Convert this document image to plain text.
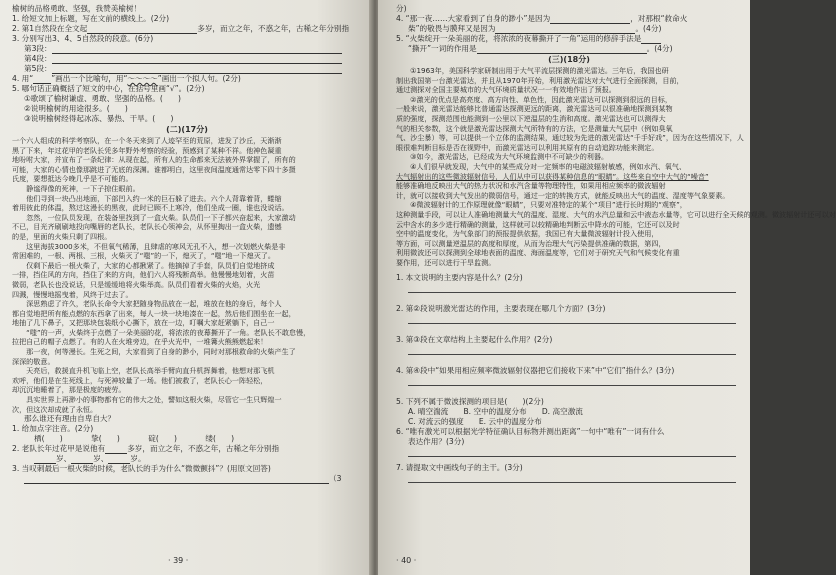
榆树的品格勇敢、坚强，我赞美榆树！
1. 给短文加上标题，写在文前的横线上。(2分)
2. 第1自然段在全文起	多岁，而立之年，不惑之年，古稀之年分别指
3. 分别写出3、4、5自然段的段意。(6分)
第3段：
第4段：
第5段：
4. 用“ ”画出一个比喻句，用“～～～～”画出一个拟人句。(2分)
5. 哪句话正确概括了短文的中心，在括号里画“√”。(2分)
①歌颂了榆树谦虚、勇敢、坚强的品格。(　　)
②说明榆树的用途很多。(　　)
③说明榆树经得起冰冻、暴热、干旱。(　　)
(二)(17分)
一个六人组成的科学考察队，在一个冬天来到了人迹罕至的荒原，进发了沙丘，天渐渐
黑了下来，年过花甲的老队长凭多年野外考察的经验，预感到了某种不祥。他神色凝重
地吩咐大家，并宣布了一条纪律：从现在起，所有人的生命都来无法被外界掌握了，所有的
可能，大家的心情也像那跳进了无底的深渊。谁都明白，这里夜间温度通常达零下四十多摄
氏度，要想抵达今晚几乎是不可能的。
　　静谧得像的死神，一下子掠住眼前。
　　他们寻到一块凸出地面，下部凹入约一米的巨石躲了进去。六个人背靠着背，蜷缩
着用彼此的体温，熬过这漫长的黑夜，此时已顾不上寒冷，他们坐成一圈，谁也没说话。
　　忽然，一位队员发现，在装备里找到了一盒火柴。队员们一下子都兴奋起来，大家激动
不已，目光齐刷刷地投向嘴唇的老队长，老队长心领神会，从怀里掏出一盒火柴，遗憾
的是，里面的火柴只剩了四根。
　　这里海拔3000多米，不但氧气稀薄，且肆虐的寒风无孔不入，想一次划燃火柴是非
常困难的，一根、两根、三根，火柴灭了“嗤”的一下，熄灭了，“嗤”地一下熄灭了。
　　仅剩下最后一根火柴了，大家的心都揪紧了。他摘掉了手套，队员们自觉地挤成
一排，挡住风的方向，挡住了来的方向，他们六人将残断高举。他慢慢地划着，火苗
微弱，老队长也没说话，只是缓缓地将火柴举高。队员们看着火柴的火焰，火光
四溅，慢慢地摇曳着，风终于过去了。
　　深思熟虑了许久，老队长命令大家把随身物品放在一起，堆放在他的身后，每个人
都自觉地把所有能点燃的东西拿了出来，每人一块一块地凑在一起，然后他们围坐在一起，
地抽了几下鼻子，又把那块包装纸小心撕下，放在一边，叮嘱大家赶紧躺下，自己一
　　“嗤”的一声，火柴终于点燃了一朵美丽的花，将浓浓的夜幕撕开了一角。老队长不敢怠慢，
拉把自己的帽子点燃了。有的人在火堆旁边，在乎火光中，一堆篝火熊熊燃起来！
　　那一夜，何等漫长。生死之间，大家看到了自身的渺小，同时对那根救命的火柴产生了
深深的敬意。
　　天亮后，救援直升机飞临上空，老队长高举手臂向直升机挥舞着，他想对那飞机
欢呼，他们是在生死线上，与死神较量了一场。他们被救了，老队长心一阵轻松，
却沉沉地睡着了，那是极度的疲劳。
　　具实世界上再渺小的事物都有它的伟大之处，譬如这根火柴，尽管它一生只辉煌一
次，但这次却成就了永恒。
那么谁还有理由自卑自大？
1. 给加点字注音。(2分)
栖(　　)	挚(　　)	碇(　　)	缕(　　)
2. 老队长年过花甲是说他有	多岁，而立之年，不惑之年，古稀之年分别指
岁、	岁、	岁。
3. 当叹刺最后一根火柴的时候，老队长的手为什么“微微颤抖”？(用原文回答)
（3
· 39 ·
分)
4. “那一夜……大家看到了自身的渺小”是因为	，对那根“救命火
柴”的敬畏与膜拜又是因为	。(4分)
5. “火柴绽开一朵美丽的花，将浓浓的夜幕撕开了一角”运用的修辞手法是
“撕开”一词的作用是	。(4分)
(三)(18分)
　　①1963年，美国科学家研制出用于大气平流层探测的激光雷达。三年后，我国也研
制出我国第一台激光雷达，并且从1970年开始，利用激光雷达对大气进行全面探测，目前，
通过测探对全国主要城市的大气环境质量状况一一有效地作出了预报。
　　②激光的优点是高亮度、高方向性、单色性，因此激光雷达可以探测到很远的目标，
一般来说，激光雷达能够比普通雷达探测更远的距离，激光雷达可以很准确地探测到某物
质的强度，探测范围也能测到一公里以下逆温层的生消和高度。激光雷达也可以测得大
气的相关参数，这个就是激光雷达探测大气所特有的方法，它是测量大气层中（例如臭氧
气、沙尘暴）等，可以提供一个立体的监测结果，通过较为先进的激光雷达“千手好戏”，因为在这些情况下，人
眼很难判断目标是否在视野中，而激光雷达可以利用其原有的自动追踪功能来测定。
　　③如今，激光雷达，已经成为大气环境监测中不可缺少的利器。
　　④人们很早就发现，大气中的某些成分对一定频率的电磁波辐射敏感，例如水汽、氧气、
大气辐射出的这些微波辐射信号，人们从中可以获得某种信息的“眼睛”。这些来自空中大气的“噪音”
能够准确地反映出大气的热力状况和水汽含量等物理特性，如果用相应频率的微波辐射
计，就可以接收到大气发出的微弱信号，通过一定的转换方式，就能反映出大气的温度、湿度等气象要素。
　　④微波辐射计的工作原理就像“眼睛”，只要对准特定的某个“项目”进行长时期的“观察”，
这种测量手段，可以让人准确地测量大气的温度、湿度、大气的水汽总量和云中液态水量等，它可以进行全天候的观测。微波辐射计还可以对
云中含水的多少进行精确的测量，这样就可以较精确地判断云中降水的可能，它还可以及时
空中的温度变化，为气象部门的预报提供依据，我国已有大量微波辐射计投入使用，
等方面，可以测量逆温层的高度和厚度，从而为治理大气污染提供准确的数据，第四，
利用微波还可以探测到全球地表面的温度、海面温度等，它们对于研究天气和气候变化有重
要作用，还可以进行干旱监测。
1. 本文说明的主要内容是什么？(2分)
2. 第②段说明激光雷达的作用，主要表现在哪几个方面？(3分)
3. 第③段在文章结构上主要起什么作用？(2分)
4. 第④段中“如果用相应频率微波辐射仪器把它们接收下来”中“它们”指什么？(3分)
5. 下列不属于微波探测的项目是(　　)(2分)
A. 晴空湍流　　B. 空中的温度分布　　D. 高空激流
C. 对流云的强度　　E. 云中的温度分布
6. “唯有激光可以根据光学特征确认目标物并测出距离”一句中“唯有”一词有什么
表达作用？(3分)
7. 请提取文中画线句子的主干。(3分)
· 40 ·
